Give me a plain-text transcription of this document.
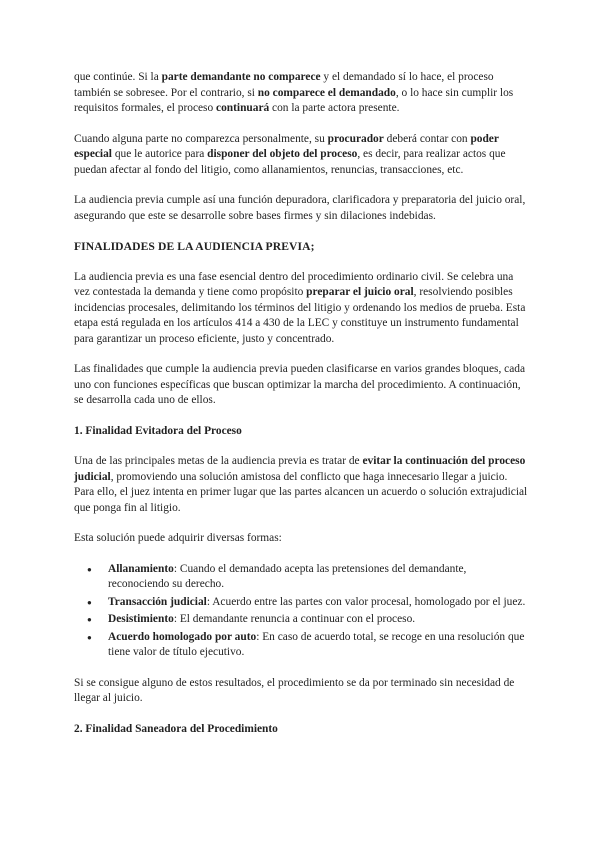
que continúe. Si la parte demandante no comparece y el demandado sí lo hace, el proceso también se sobresee. Por el contrario, si no comparece el demandado, o lo hace sin cumplir los requisitos formales, el proceso continuará con la parte actora presente.

Cuando alguna parte no comparezca personalmente, su procurador deberá contar con poder especial que le autorice para disponer del objeto del proceso, es decir, para realizar actos que puedan afectar al fondo del litigio, como allanamientos, renuncias, transacciones, etc.

La audiencia previa cumple así una función depuradora, clarificadora y preparatoria del juicio oral, asegurando que este se desarrolle sobre bases firmes y sin dilaciones indebidas.

FINALIDADES DE LA AUDIENCIA PREVIA;

La audiencia previa es una fase esencial dentro del procedimiento ordinario civil. Se celebra una vez contestada la demanda y tiene como propósito preparar el juicio oral, resolviendo posibles incidencias procesales, delimitando los términos del litigio y ordenando los medios de prueba. Esta etapa está regulada en los artículos 414 a 430 de la LEC y constituye un instrumento fundamental para garantizar un proceso eficiente, justo y concentrado.

Las finalidades que cumple la audiencia previa pueden clasificarse en varios grandes bloques, cada uno con funciones específicas que buscan optimizar la marcha del procedimiento. A continuación, se desarrolla cada uno de ellos.

1. Finalidad Evitadora del Proceso

Una de las principales metas de la audiencia previa es tratar de evitar la continuación del proceso judicial, promoviendo una solución amistosa del conflicto que haga innecesario llegar a juicio. Para ello, el juez intenta en primer lugar que las partes alcancen un acuerdo o solución extrajudicial que ponga fin al litigio.

Esta solución puede adquirir diversas formas:

● Allanamiento: Cuando el demandado acepta las pretensiones del demandante, reconociendo su derecho.
● Transacción judicial: Acuerdo entre las partes con valor procesal, homologado por el juez.
● Desistimiento: El demandante renuncia a continuar con el proceso.
● Acuerdo homologado por auto: En caso de acuerdo total, se recoge en una resolución que tiene valor de título ejecutivo.

Si se consigue alguno de estos resultados, el procedimiento se da por terminado sin necesidad de llegar al juicio.

2. Finalidad Saneadora del Procedimiento
